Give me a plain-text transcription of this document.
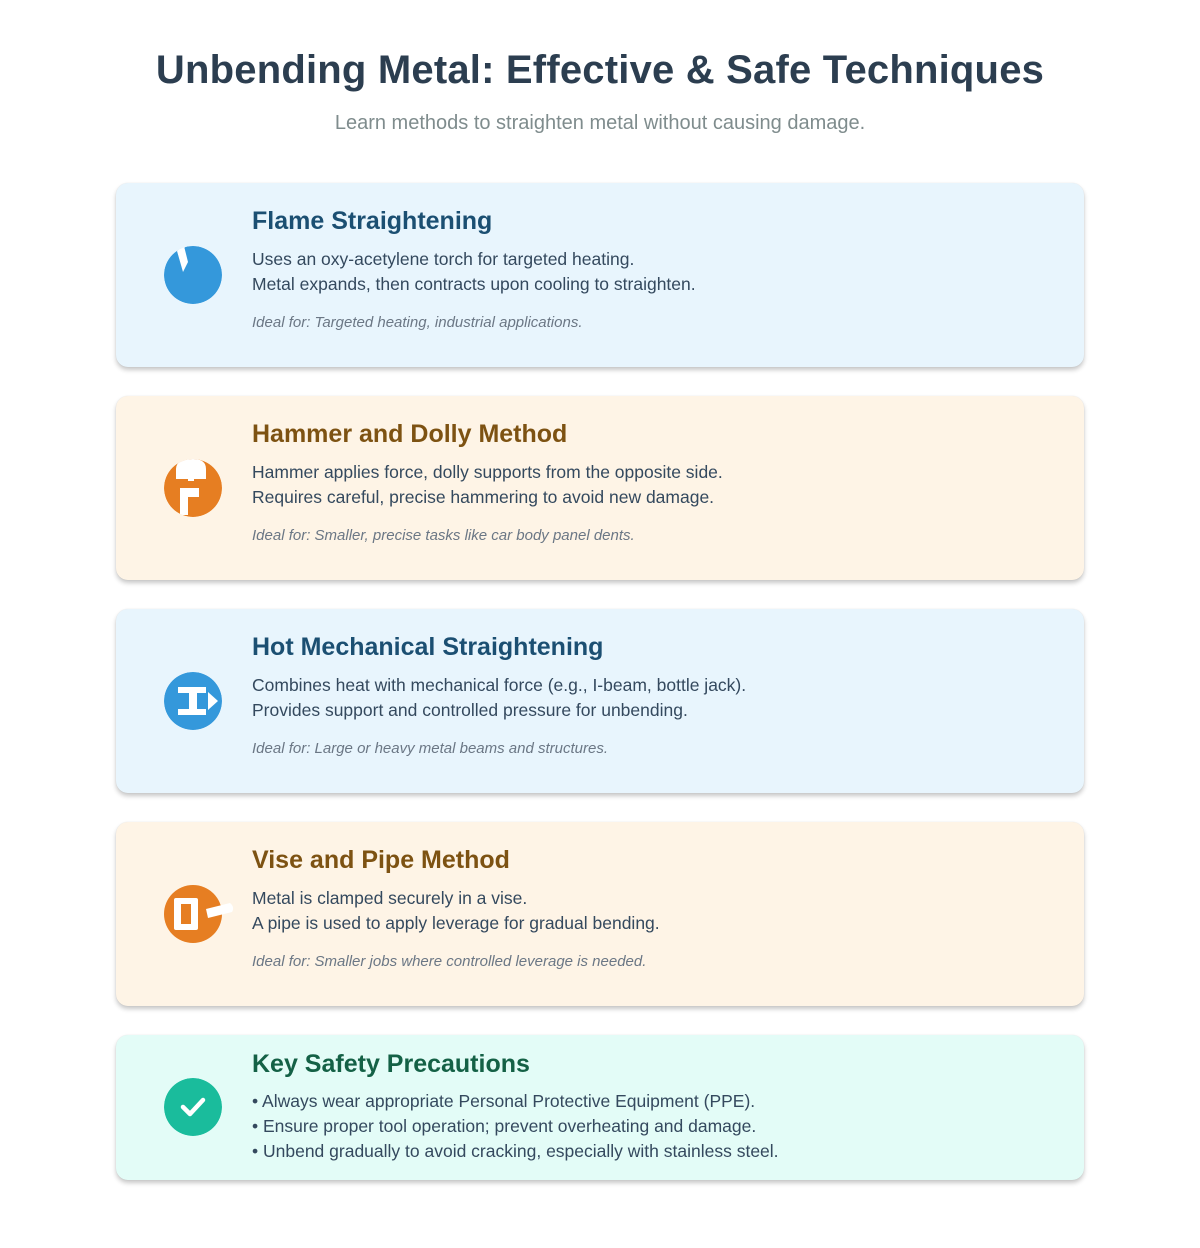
Unbending Metal: Effective & Safe Techniques

Learn methods to straighten metal without causing damage.

Flame Straightening
Uses an oxy-acetylene torch for targeted heating.
Metal expands, then contracts upon cooling to straighten.
Ideal for: Targeted heating, industrial applications.
Hammer and Dolly Method
Hammer applies force, dolly supports from the opposite side.
Requires careful, precise hammering to avoid new damage.
Ideal for: Smaller, precise tasks like car body panel dents.
Hot Mechanical Straightening
Combines heat with mechanical force (e.g., I-beam, bottle jack).
Provides support and controlled pressure for unbending.
Ideal for: Large or heavy metal beams and structures.
Vise and Pipe Method
Metal is clamped securely in a vise.
A pipe is used to apply leverage for gradual bending.
Ideal for: Smaller jobs where controlled leverage is needed.
Key Safety Precautions
• Always wear appropriate Personal Protective Equipment (PPE).
• Ensure proper tool operation; prevent overheating and damage.
• Unbend gradually to avoid cracking, especially with stainless steel.
